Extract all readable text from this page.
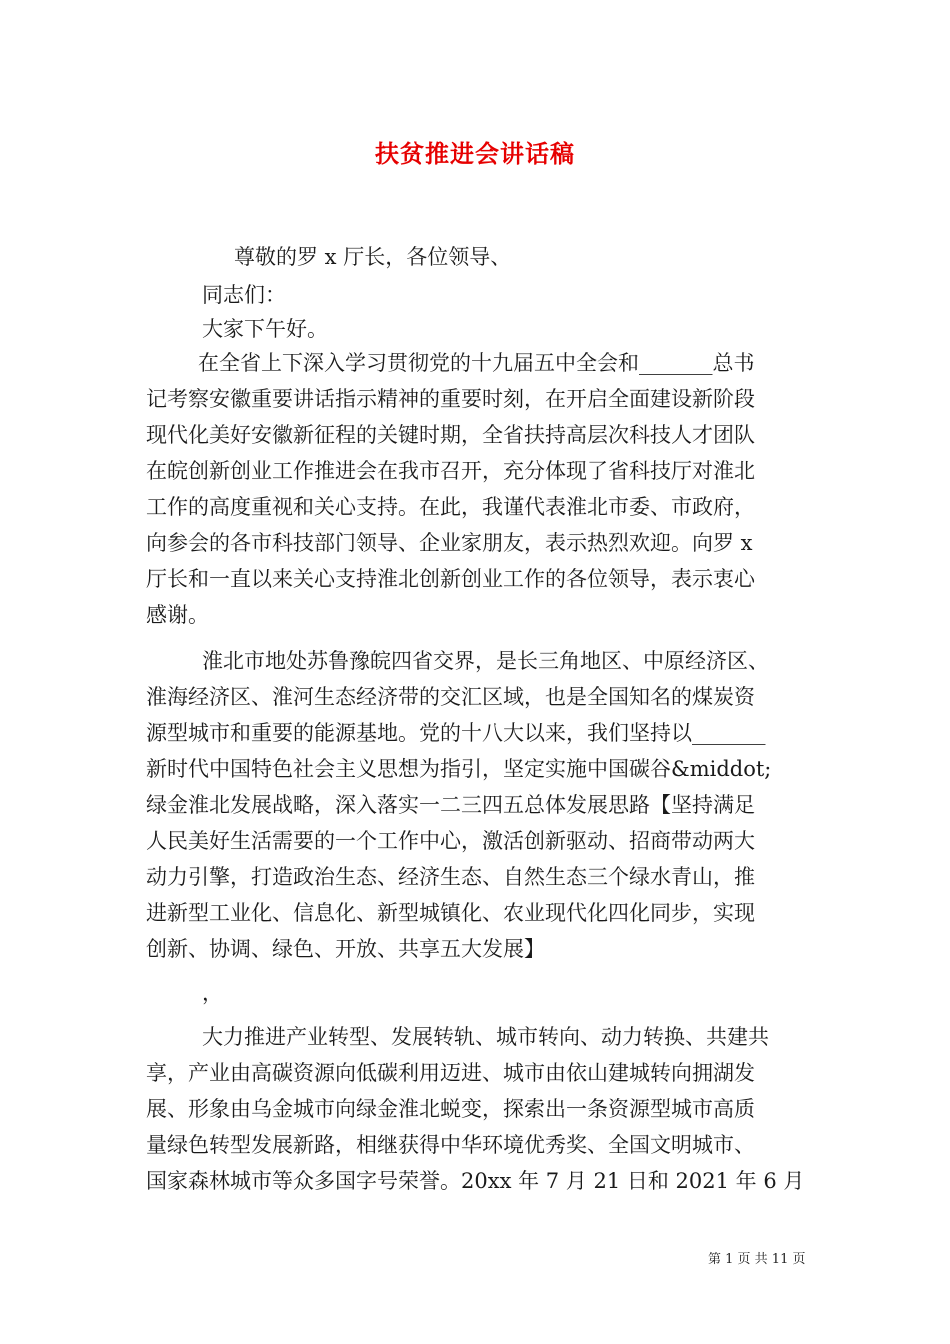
扶贫推进会讲话稿
尊敬的罗 x 厅长，各位领导、
同志们：
大家下午好。
在全省上下深入学习贯彻党的十九届五中全会和_______总书
记考察安徽重要讲话指示精神的重要时刻，在开启全面建设新阶段
现代化美好安徽新征程的关键时期，全省扶持高层次科技人才团队
在皖创新创业工作推进会在我市召开，充分体现了省科技厅对淮北
工作的高度重视和关心支持。在此，我谨代表淮北市委、市政府，
向参会的各市科技部门领导、企业家朋友，表示热烈欢迎。向罗 x
厅长和一直以来关心支持淮北创新创业工作的各位领导，表示衷心
感谢。
淮北市地处苏鲁豫皖四省交界，是长三角地区、中原经济区、
淮海经济区、淮河生态经济带的交汇区域，也是全国知名的煤炭资
源型城市和重要的能源基地。党的十八大以来，我们坚持以_______
新时代中国特色社会主义思想为指引，坚定实施中国碳谷&middot;
绿金淮北发展战略，深入落实一二三四五总体发展思路【坚持满足
人民美好生活需要的一个工作中心，激活创新驱动、招商带动两大
动力引擎，打造政治生态、经济生态、自然生态三个绿水青山，推
进新型工业化、信息化、新型城镇化、农业现代化四化同步，实现
创新、协调、绿色、开放、共享五大发展】
，
大力推进产业转型、发展转轨、城市转向、动力转换、共建共
享，产业由高碳资源向低碳利用迈进、城市由依山建城转向拥湖发
展、形象由乌金城市向绿金淮北蜕变，探索出一条资源型城市高质
量绿色转型发展新路，相继获得中华环境优秀奖、全国文明城市、
国家森林城市等众多国字号荣誉。20xx 年 7 月 21 日和 2021 年 6 月
第 1 页 共 11 页
